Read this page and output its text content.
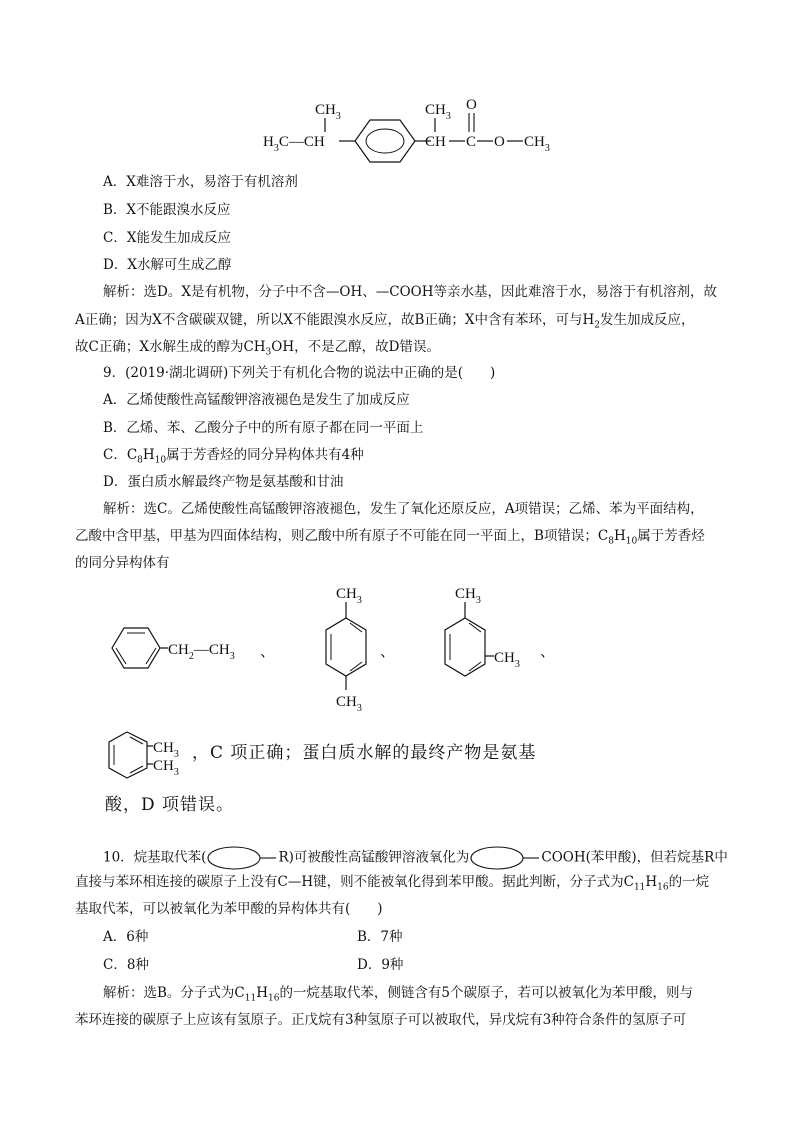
$CH_3$
$H_3C—CH$
$CH_3$
CH
O
C O $CH_3$
A．X难溶于水，易溶于有机溶剂
B．X不能跟溴水反应
C．X能发生加成反应
D．X水解可生成乙醇
解析：选D。X是有机物，分子中不含—OH、—COOH等亲水基，因此难溶于水，易溶于有机溶剂，故
A正确；因为X不含碳碳双键，所以X不能跟溴水反应，故B正确；X中含有苯环，可与$H_2$发生加成反应，
故C正确；X水解生成的醇为$CH_3OH$，不是乙醇，故D错误。
9．(2019·湖北调研)下列关于有机化合物的说法中正确的是(　　)
A．乙烯使酸性高锰酸钾溶液褪色是发生了加成反应
B．乙烯、苯、乙酸分子中的所有原子都在同一平面上
C．$C_8H_{10}$属于芳香烃的同分异构体共有4种
D．蛋白质水解最终产物是氨基酸和甘油
解析：选C。乙烯使酸性高锰酸钾溶液褪色，发生了氧化还原反应，A项错误；乙烯、苯为平面结构，
乙酸中含甲基，甲基为四面体结构，则乙酸中所有原子不可能在同一平面上，B项错误；$C_8H_{10}$属于芳香烃
的同分异构体有
$CH_2—CH_3$ 、
$CH_3$
$CH_3$
、
$CH_3$
$CH_3$
、
$CH_3$
$CH_3$
，C 项正确；蛋白质水解的最终产物是氨基
酸，D 项错误。
10．烷基取代苯(	R)可被酸性高锰酸钾溶液氧化为	COOH(苯甲酸)，但若烷基R中
直接与苯环相连接的碳原子上没有C—H键，则不能被氧化得到苯甲酸。据此判断，分子式为$C_{11}H_{16}$的一烷
基取代苯，可以被氧化为苯甲酸的异构体共有(　　)
A．6种	B．7种
C．8种	D．9种
解析：选B。分子式为$C_{11}H_{16}$的一烷基取代苯，侧链含有5个碳原子，若可以被氧化为苯甲酸，则与
苯环连接的碳原子上应该有氢原子。正戊烷有3种氢原子可以被取代，异戊烷有3种符合条件的氢原子可
